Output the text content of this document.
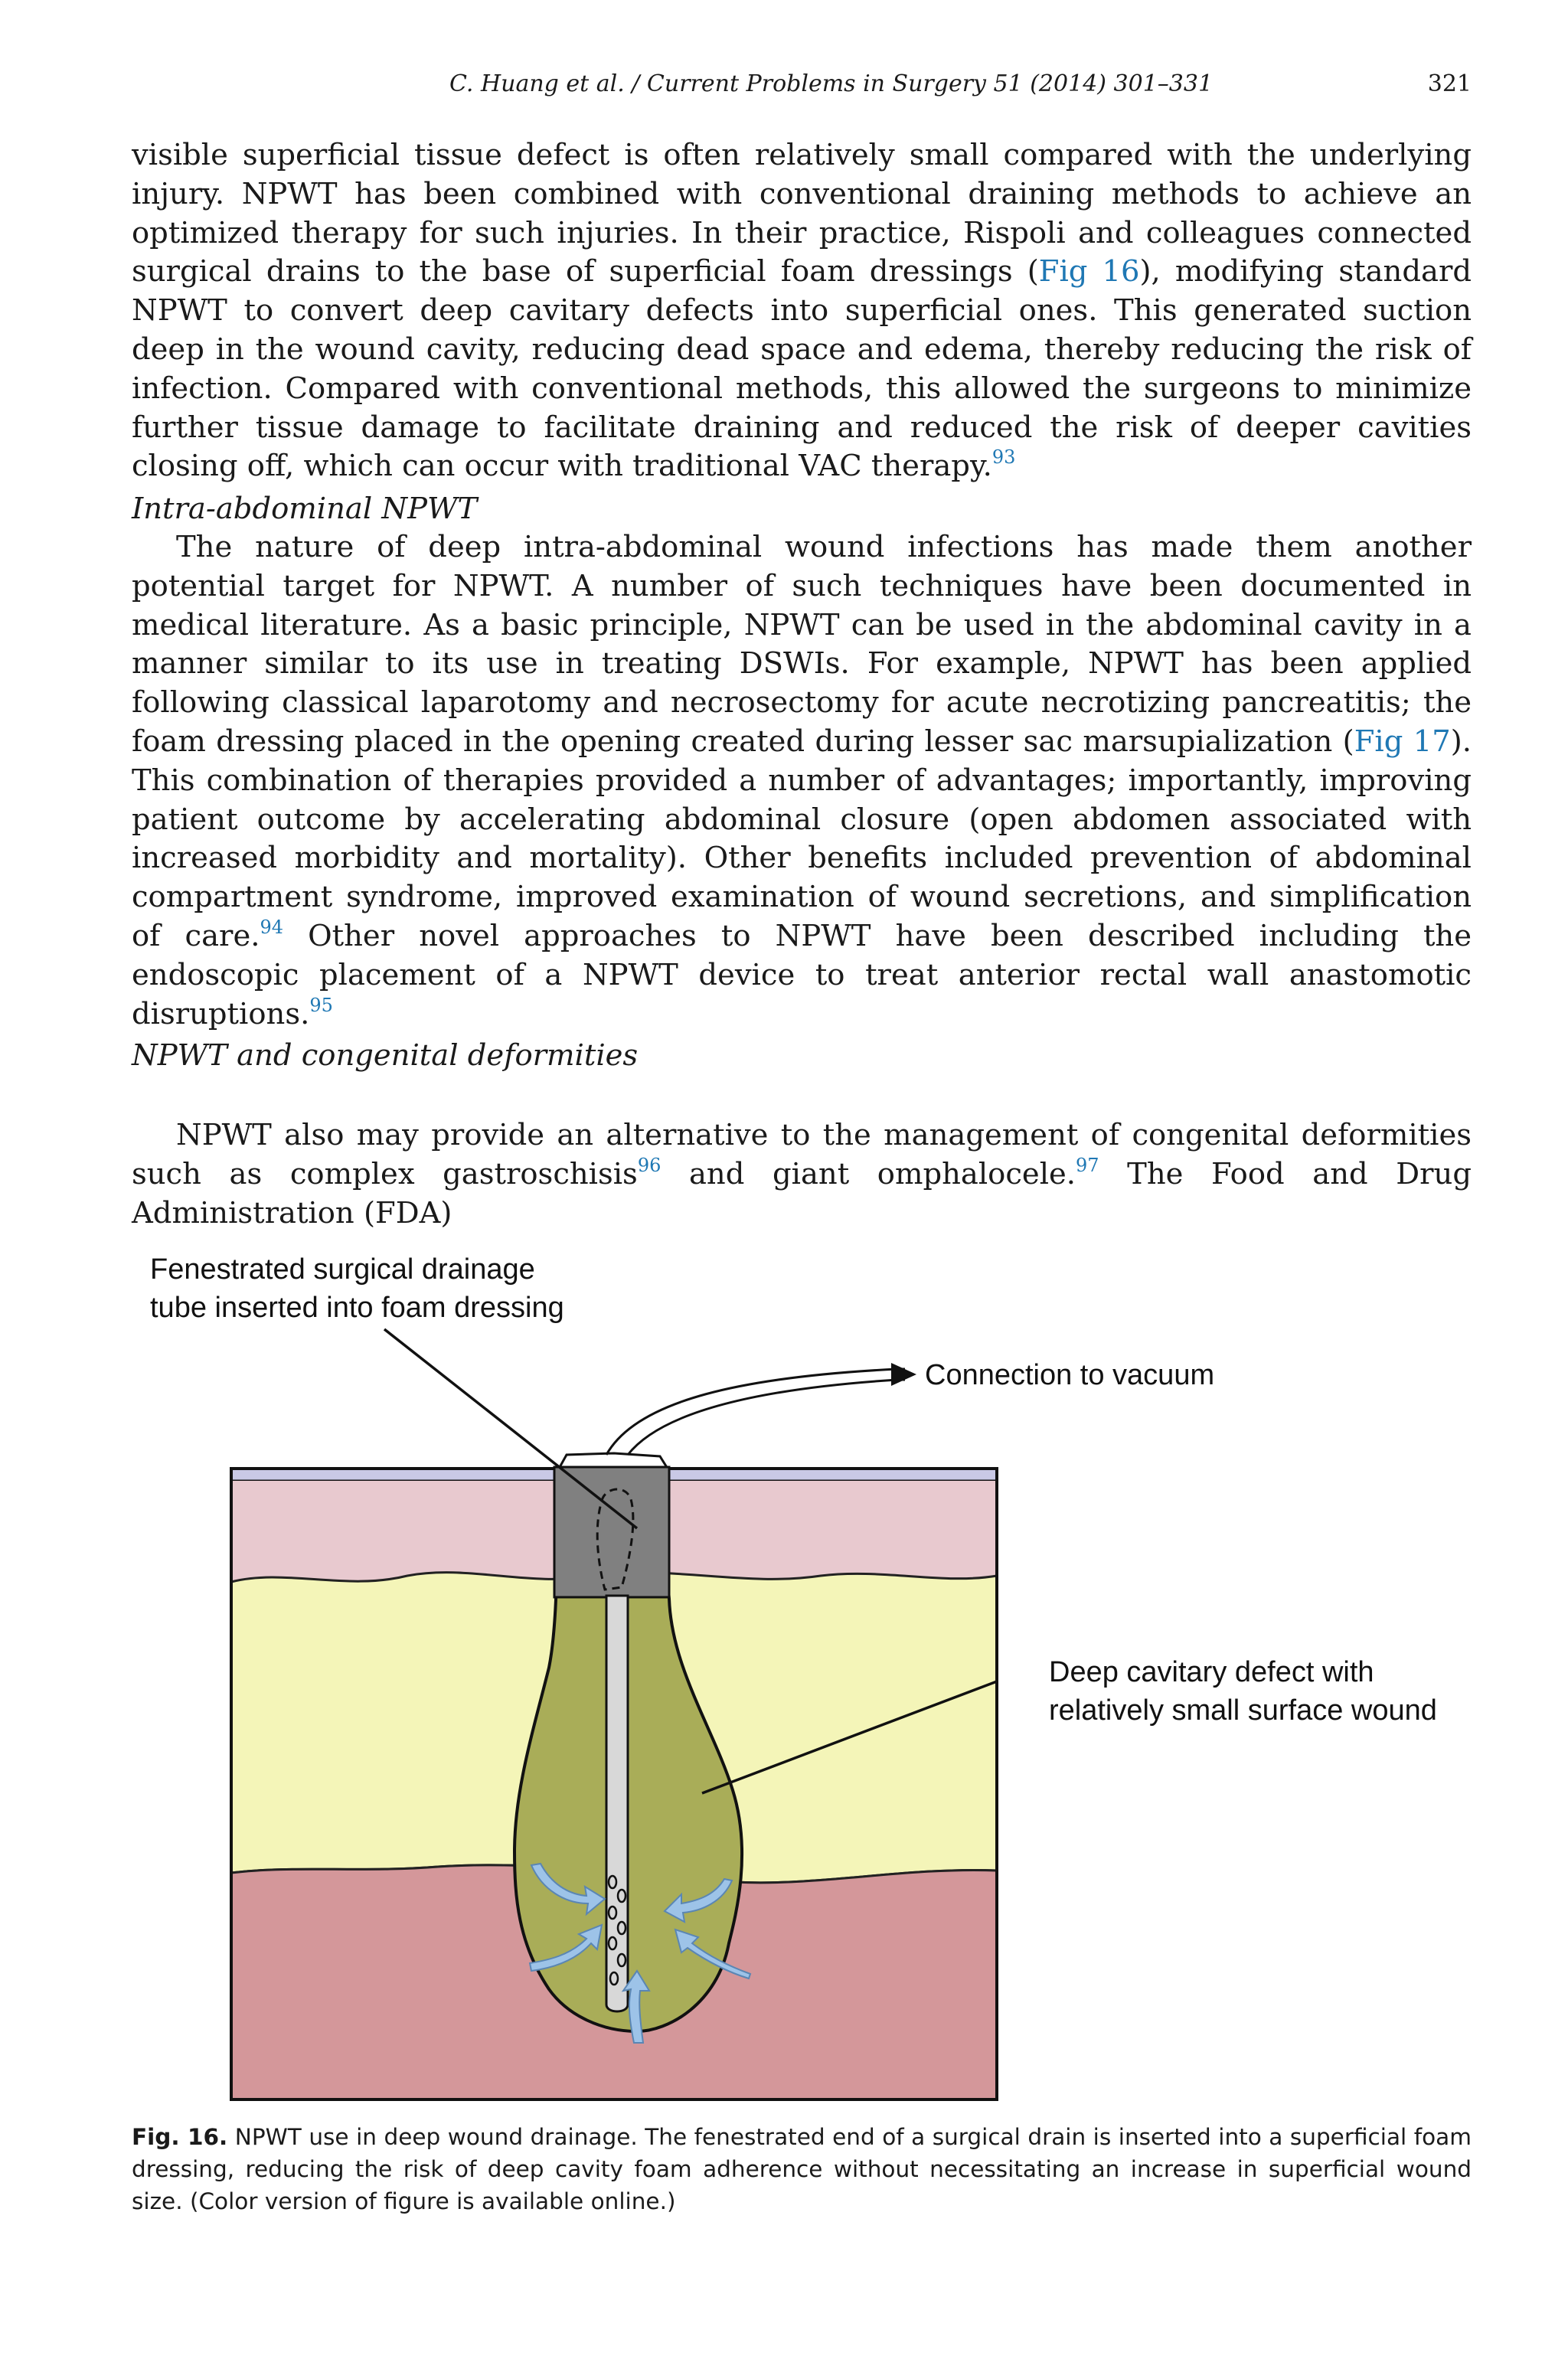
C. Huang et al. / Current Problems in Surgery 51 (2014) 301–331	321

visible superficial tissue defect is often relatively small compared with the underlying injury. NPWT has been combined with conventional draining methods to achieve an optimized therapy for such injuries. In their practice, Rispoli and colleagues connected surgical drains to the base of superficial foam dressings (Fig 16), modifying standard NPWT to convert deep cavitary defects into superficial ones. This generated suction deep in the wound cavity, reducing dead space and edema, thereby reducing the risk of infection. Compared with conventional methods, this allowed the surgeons to minimize further tissue damage to facilitate draining and reduced the risk of deeper cavities closing off, which can occur with traditional VAC therapy.$^{93}$

Intra-abdominal NPWT

The nature of deep intra-abdominal wound infections has made them another potential target for NPWT. A number of such techniques have been documented in medical literature. As a basic principle, NPWT can be used in the abdominal cavity in a manner similar to its use in treating DSWIs. For example, NPWT has been applied following classical laparotomy and necrosectomy for acute necrotizing pancreatitis; the foam dressing placed in the opening created during lesser sac marsupialization (Fig 17). This combination of therapies provided a number of advantages; importantly, improving patient outcome by accelerating abdominal closure (open abdomen associated with increased morbidity and mortality). Other benefits included prevention of abdominal compartment syndrome, improved examination of wound secretions, and simplification of care.$^{94}$ Other novel approaches to NPWT have been described including the endoscopic placement of a NPWT device to treat anterior rectal wall anastomotic disruptions.$^{95}$

NPWT and congenital deformities

NPWT also may provide an alternative to the management of congenital deformities such as complex gastroschisis$^{96}$ and giant omphalocele.$^{97}$ The Food and Drug Administration (FDA)

Fenestrated surgical drainage
tube inserted into foam dressing
Connection to vacuum
Deep cavitary defect with
relatively small surface wound
Fig. 16. NPWT use in deep wound drainage. The fenestrated end of a surgical drain is inserted into a superficial foam dressing, reducing the risk of deep cavity foam adherence without necessitating an increase in superficial wound size. (Color version of figure is available online.)
